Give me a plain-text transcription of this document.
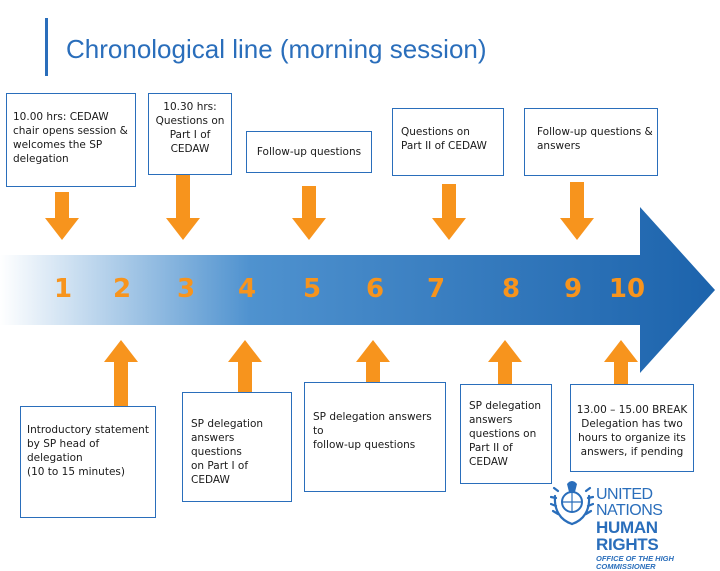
Chronological line (morning session)
1	2	3	4	5	6	7	8	9	10
10.00 hrs: CEDAW chair opens session & welcomes the SP delegation
10.30 hrs:
Questions on
Part I of
CEDAW	Follow-up questions
Questions on
Part II of CEDAW
Follow-up questions &
answers
Introductory statement
by SP head of delegation
(10 to 15 minutes)
SP delegation
answers questions
on Part I of
CEDAW
SP delegation answers to
follow-up questions
SP delegation
answers
questions on
Part II of
CEDAW
13.00 – 15.00 BREAK
Delegation has two
hours to organize its
answers, if pending
UNITED NATIONS
HUMAN RIGHTS
OFFICE OF THE HIGH COMMISSIONER
